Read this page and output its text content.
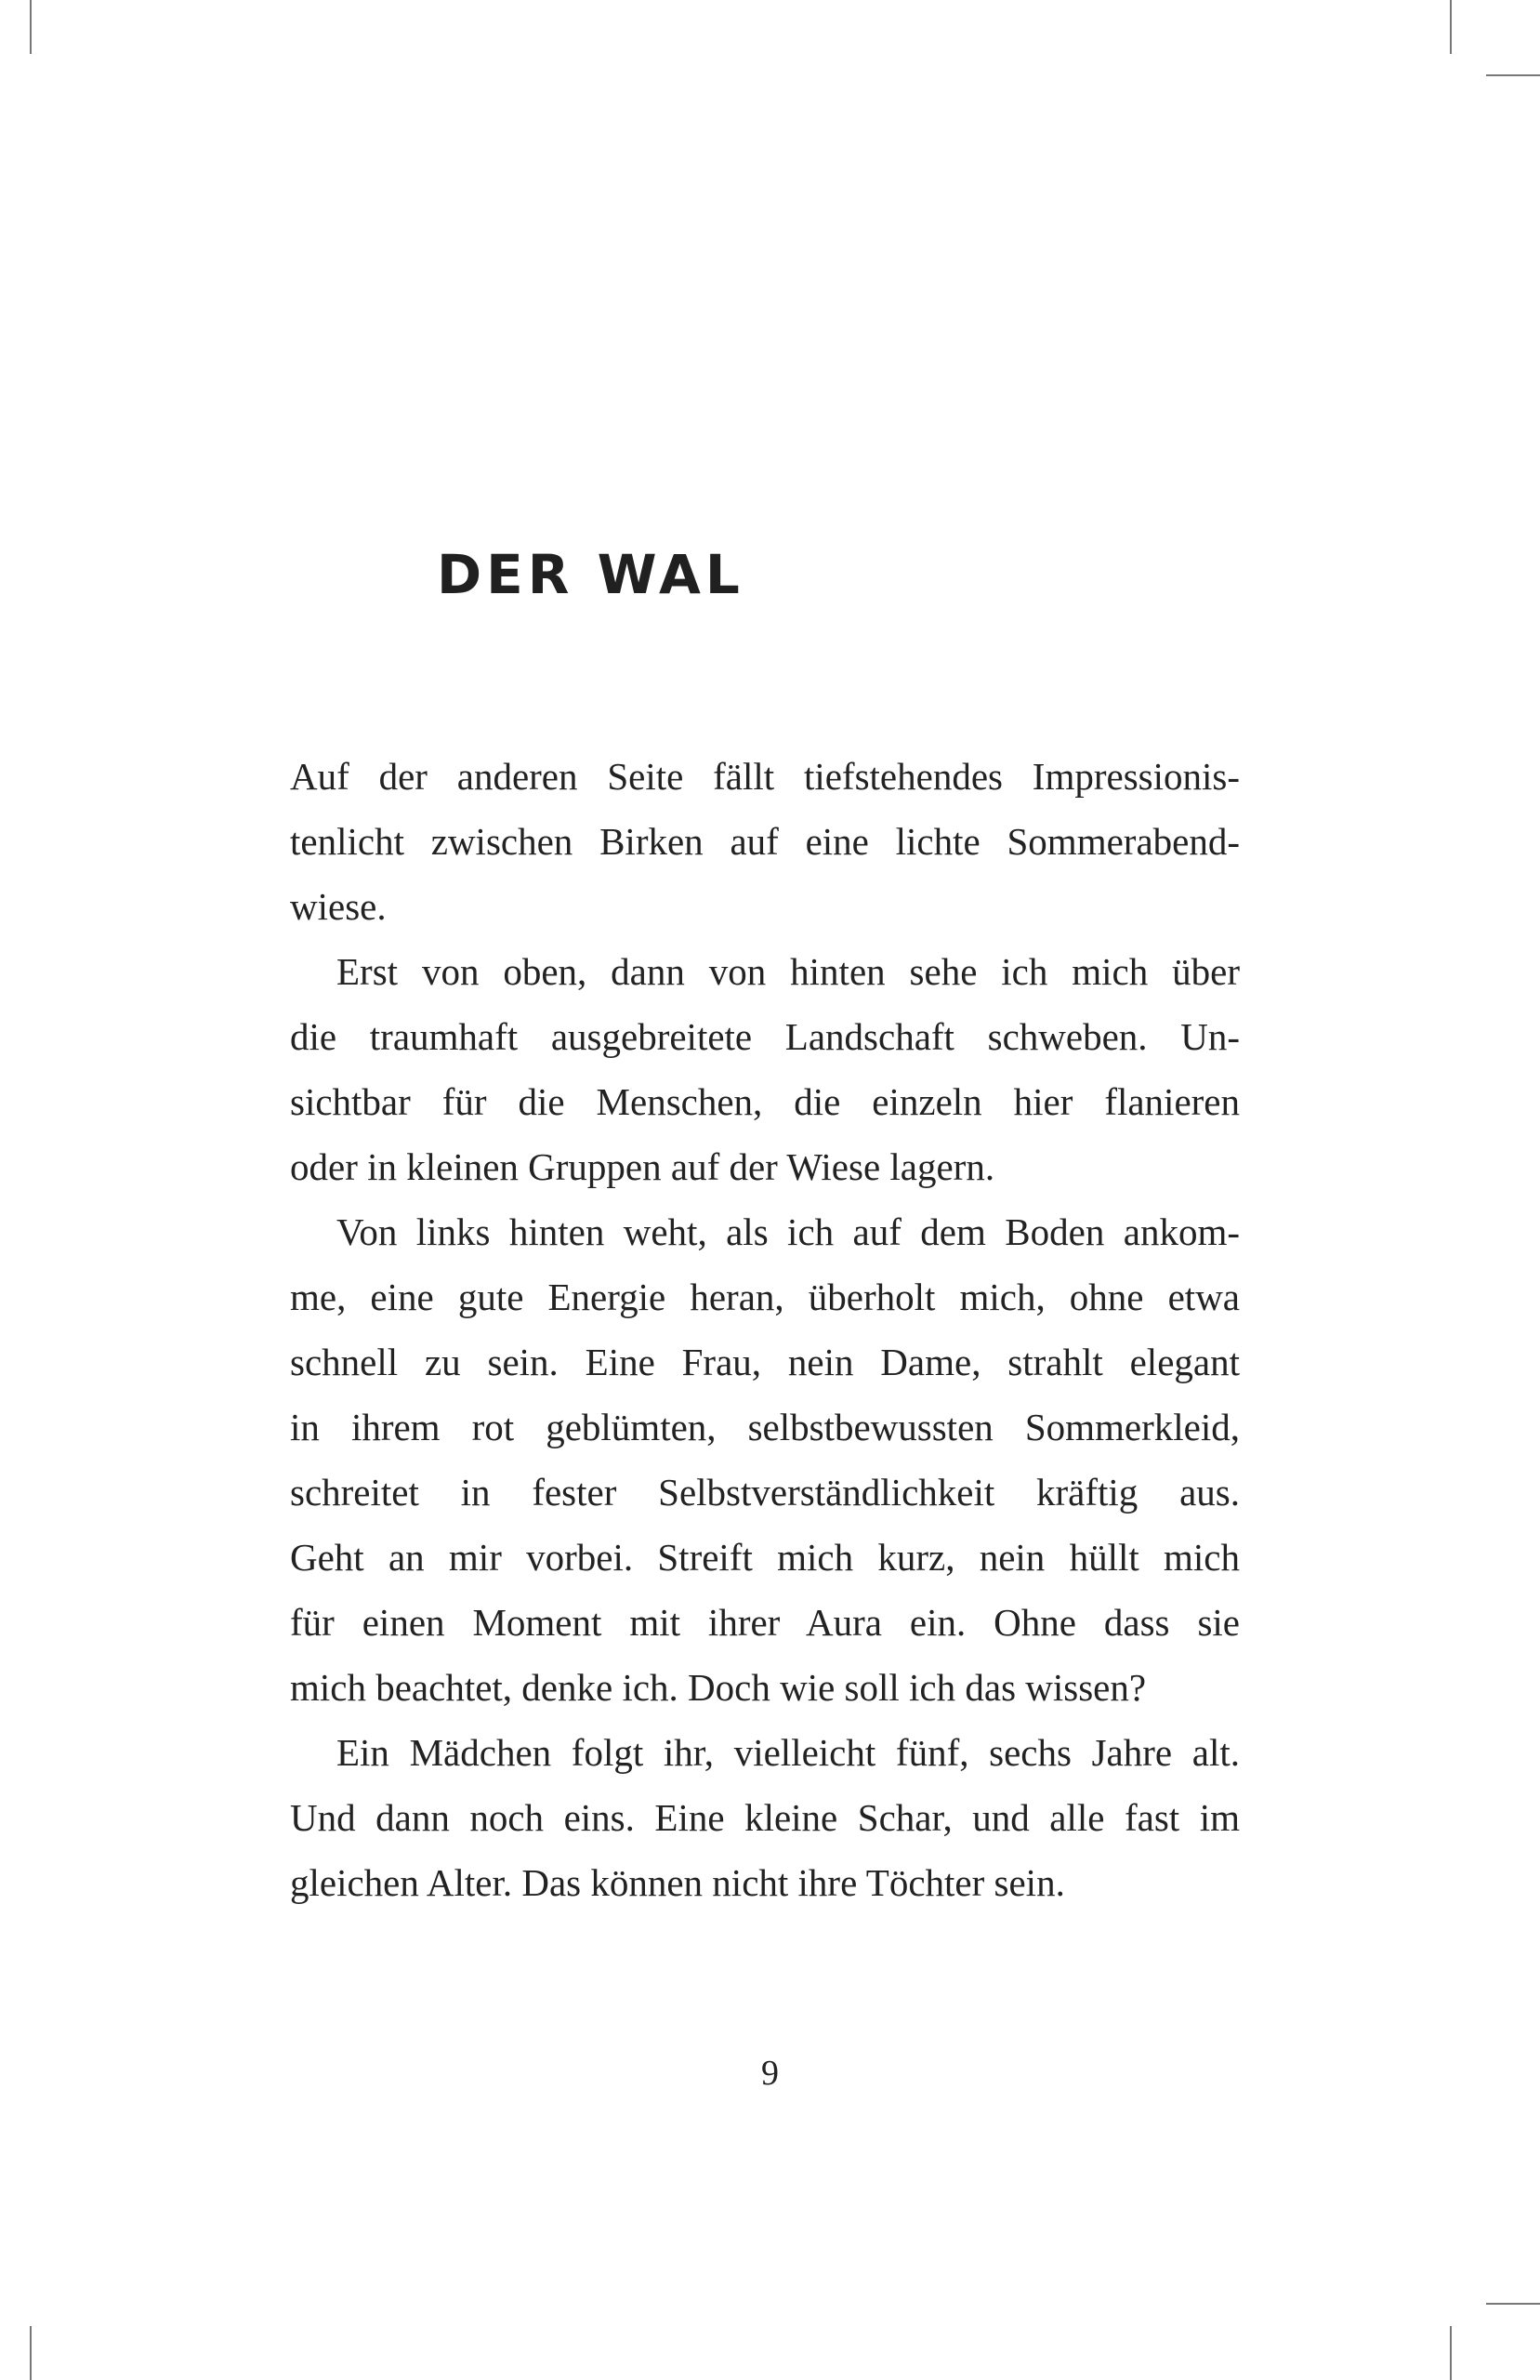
DER WAL

Auf der anderen Seite fällt tiefstehendes Impressionis-
tenlicht zwischen Birken auf eine lichte Sommerabend-
wiese.

Erst von oben, dann von hinten sehe ich mich über
die traumhaft ausgebreitete Landschaft schweben. Un-
sichtbar für die Menschen, die einzeln hier flanieren
oder in kleinen Gruppen auf der Wiese lagern.

Von links hinten weht, als ich auf dem Boden ankom-
me, eine gute Energie heran, überholt mich, ohne etwa
schnell zu sein. Eine Frau, nein Dame, strahlt elegant
in ihrem rot geblümten, selbstbewussten Sommerkleid,
schreitet in fester Selbstverständlichkeit kräftig aus.
Geht an mir vorbei. Streift mich kurz, nein hüllt mich
für einen Moment mit ihrer Aura ein. Ohne dass sie
mich beachtet, denke ich. Doch wie soll ich das wissen?

Ein Mädchen folgt ihr, vielleicht fünf, sechs Jahre alt.
Und dann noch eins. Eine kleine Schar, und alle fast im
gleichen Alter. Das können nicht ihre Töchter sein.

9
